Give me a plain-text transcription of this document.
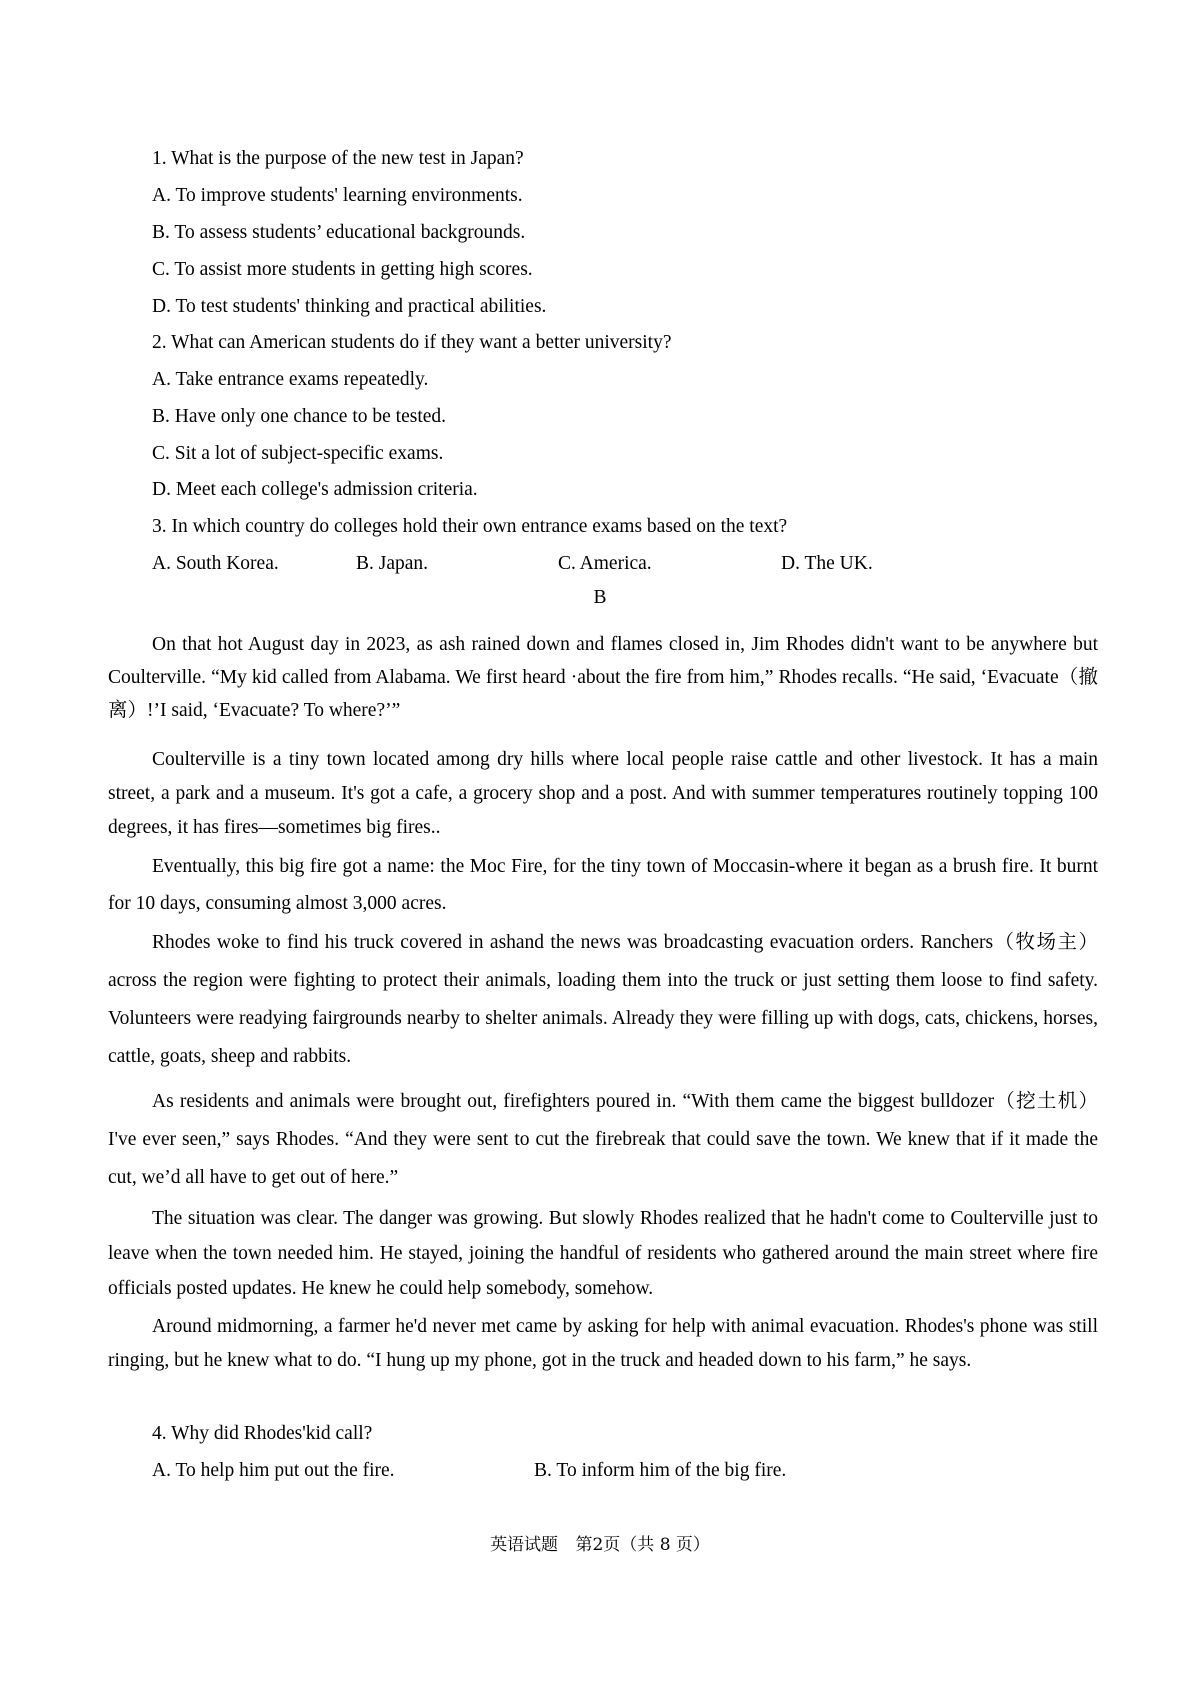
1. What is the purpose of the new test in Japan?
A. To improve students' learning environments.
B. To assess students’ educational backgrounds.
C. To assist more students in getting high scores.
D. To test students' thinking and practical abilities.
2. What can American students do if they want a better university?
A. Take entrance exams repeatedly.
B. Have only one chance to be tested.
C. Sit a lot of subject-specific exams.
D. Meet each college's admission criteria.
3. In which country do colleges hold their own entrance exams based on the text?
A. South Korea.	B. Japan.	C. America.	D. The UK.
B

On that hot August day in 2023, as ash rained down and flames closed in, Jim Rhodes didn't want to be anywhere but Coulterville. “My kid called from Alabama. We first heard ·about the fire from him,” Rhodes recalls. “He said, ‘Evacuate（撤离）!’I said, ‘Evacuate? To where?’”

Coulterville is a tiny town located among dry hills where local people raise cattle and other livestock. It has a main street, a park and a museum. It's got a cafe, a grocery shop and a post. And with summer temperatures routinely topping 100 degrees, it has fires—sometimes big fires..

Eventually, this big fire got a name: the Moc Fire, for the tiny town of Moccasin-where it began as a brush fire. It burnt for 10 days, consuming almost 3,000 acres.

Rhodes woke to find his truck covered in ashand the news was broadcasting evacuation orders. Ranchers（牧场主） across the region were fighting to protect their animals, loading them into the truck or just setting them loose to find safety. Volunteers were readying fairgrounds nearby to shelter animals. Already they were filling up with dogs, cats, chickens, horses, cattle, goats, sheep and rabbits.

As residents and animals were brought out, firefighters poured in. “With them came the biggest bulldozer（挖土机）I've ever seen,” says Rhodes. “And they were sent to cut the firebreak that could save the town. We knew that if it made the cut, we’d all have to get out of here.”

The situation was clear. The danger was growing. But slowly Rhodes realized that he hadn't come to Coulterville just to leave when the town needed him. He stayed, joining the handful of residents who gathered around the main street where fire officials posted updates. He knew he could help somebody, somehow.

Around midmorning, a farmer he'd never met came by asking for help with animal evacuation. Rhodes's phone was still ringing, but he knew what to do. “I hung up my phone, got in the truck and headed down to his farm,” he says.

4. Why did Rhodes'kid call?
A. To help him put out the fire.	B. To inform him of the big fire.
英语试题 第2页（共 8 页）
